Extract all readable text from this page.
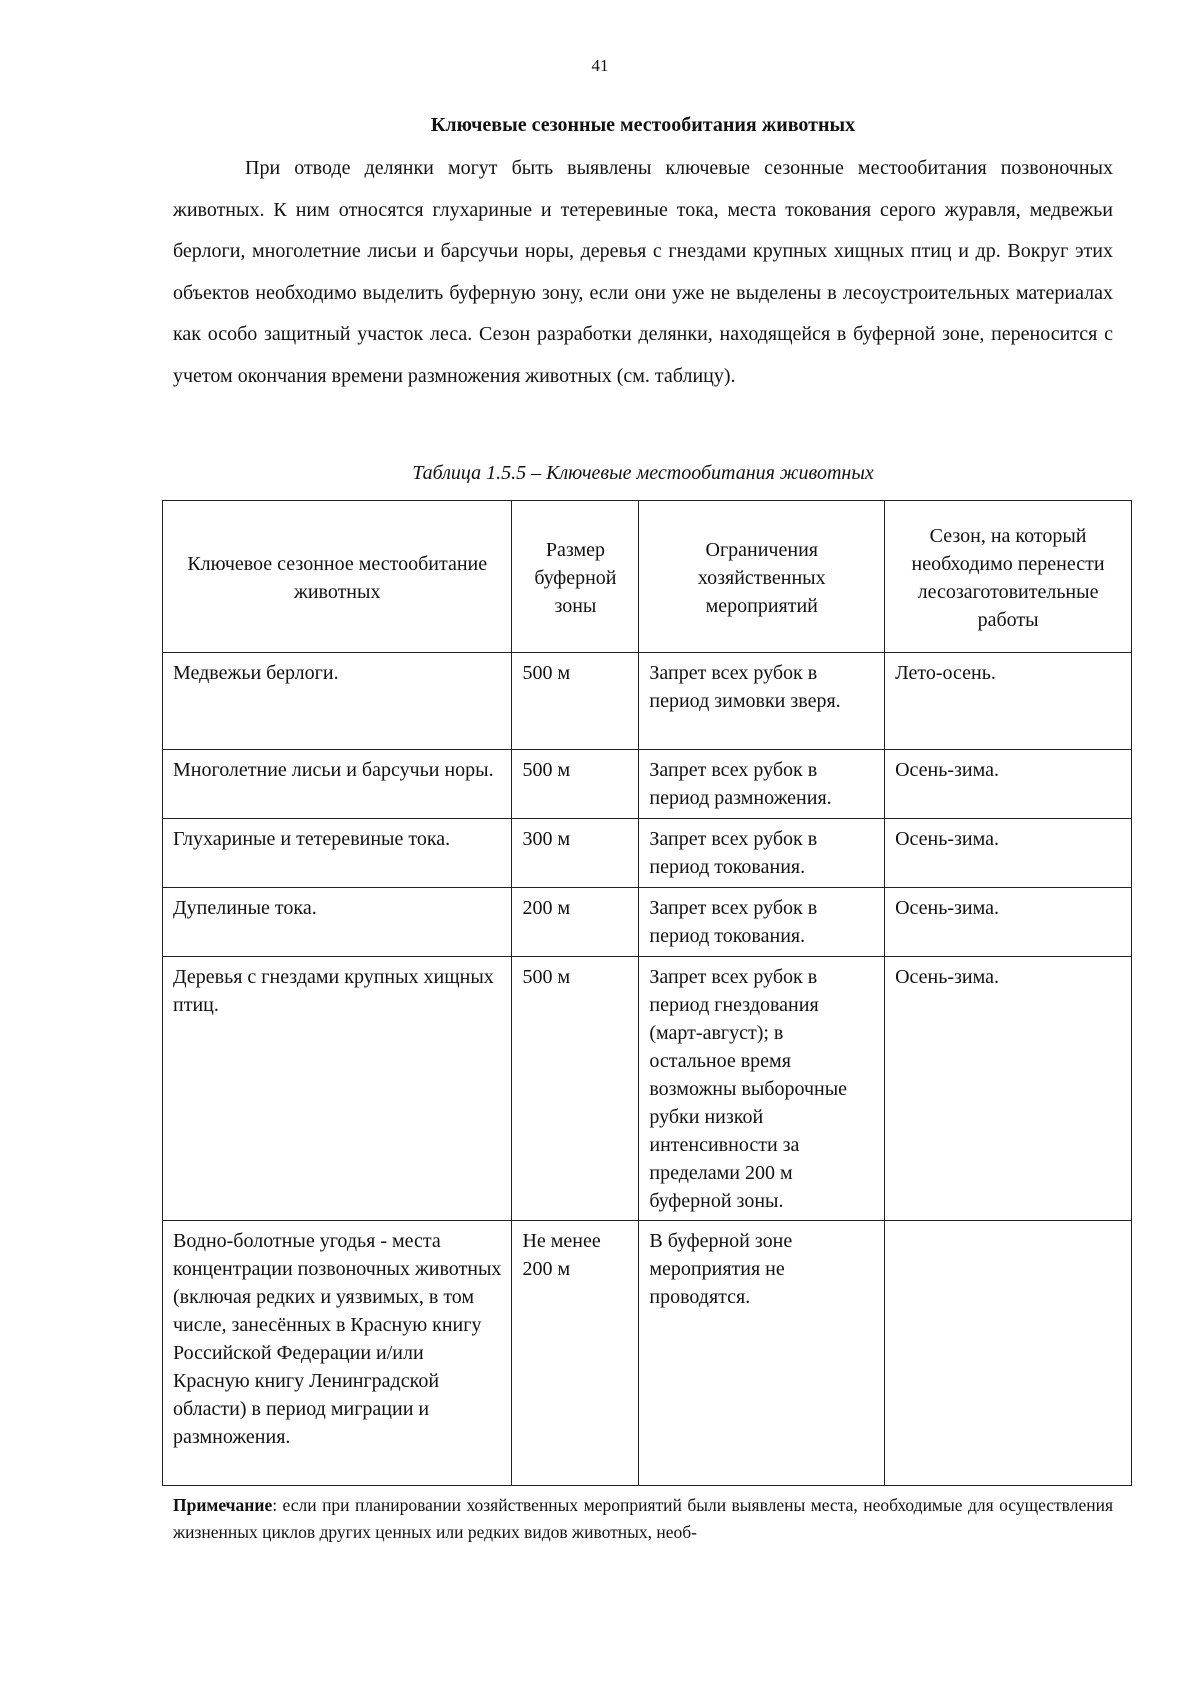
41
Ключевые сезонные местообитания животных

При отводе делянки могут быть выявлены ключевые сезонные местообитания позвоночных животных. К ним относятся глухариные и тетеревиные тока, места токования серого журавля, медвежьи берлоги, многолетние лисьи и барсучьи норы, деревья с гнездами крупных хищных птиц и др. Вокруг этих объектов необходимо выделить буферную зону, если они уже не выделены в лесоустроительных материалах как особо защитный участок леса. Сезон разработки делянки, находящейся в буферной зоне, переносится с учетом окончания времени размножения животных (см. таблицу).

Таблица 1.5.5 – Ключевые местообитания животных
Ключевое сезонное местообитание животных	Размер буферной зоны	Ограничения хозяйственных мероприятий	Сезон, на который необходимо перенести лесозаготовительные работы
Медвежьи берлоги.	500 м	Запрет всех рубок в период зимовки зверя.	Лето-осень.
Многолетние лисьи и барсучьи норы.	500 м	Запрет всех рубок в период размножения.	Осень-зима.
Глухариные и тетеревиные тока.	300 м	Запрет всех рубок в период токования.	Осень-зима.
Дупелиные тока.	200 м	Запрет всех рубок в период токования.	Осень-зима.
Деревья с гнездами крупных хищных птиц.	500 м	Запрет всех рубок в период гнездования (март-август); в остальное время возможны выборочные рубки низкой интенсивности за пределами 200 м буферной зоны.	Осень-зима.
Водно-болотные угодья - места концентрации позвоночных животных (включая редких и уязвимых, в том числе, занесённых в Красную книгу Российской Федерации и/или Красную книгу Ленинградской области) в период миграции и размножения.	Не менее 200 м	В буферной зоне мероприятия не проводятся.	

Примечание: если при планировании хозяйственных мероприятий были выявлены места, необходимые для осуществления жизненных циклов других ценных или редких видов животных, необ-
